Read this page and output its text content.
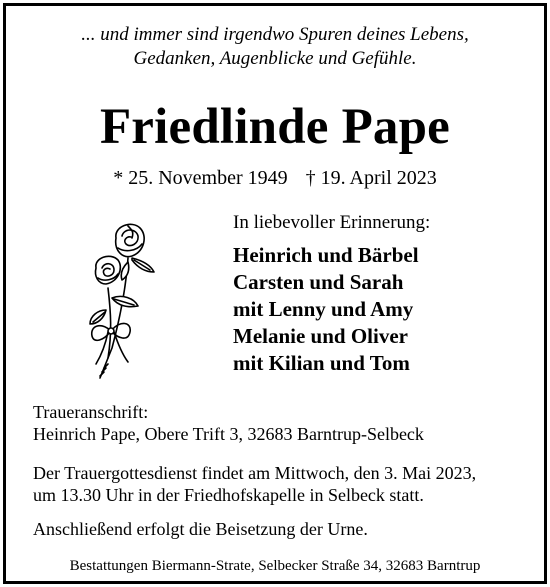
... und immer sind irgendwo Spuren deines Lebens,
Gedanken, Augenblicke und Gefühle.
Friedlinde Pape
* 25. November 1949 † 19. April 2023
In liebevoller Erinnerung:
Heinrich und Bärbel
Carsten und Sarah
mit Lenny und Amy
Melanie und Oliver
mit Kilian und Tom
Traueranschrift:
Heinrich Pape, Obere Trift 3, 32683 Barntrup-Selbeck
Der Trauergottesdienst findet am Mittwoch, den 3. Mai 2023,
um 13.30 Uhr in der Friedhofskapelle in Selbeck statt.
Anschließend erfolgt die Beisetzung der Urne.
Bestattungen Biermann-Strate, Selbecker Straße 34, 32683 Barntrup
